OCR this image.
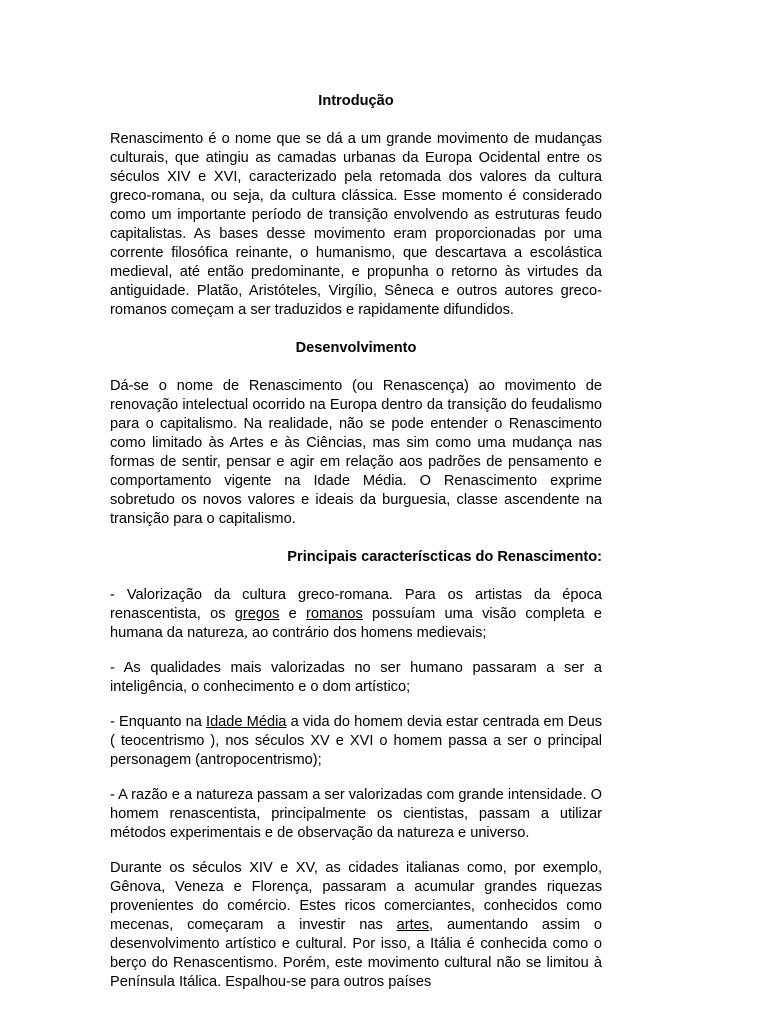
Introdução

Renascimento é o nome que se dá a um grande movimento de mudanças culturais, que atingiu as camadas urbanas da Europa Ocidental entre os séculos XIV e XVI, caracterizado pela retomada dos valores da cultura greco-romana, ou seja, da cultura clássica. Esse momento é considerado como um importante período de transição envolvendo as estruturas feudo capitalistas. As bases desse movimento eram proporcionadas por uma corrente filosófica reinante, o humanismo, que descartava a escolástica medieval, até então predominante, e propunha o retorno às virtudes da antiguidade. Platão, Aristóteles, Virgílio, Sêneca e outros autores greco-romanos começam a ser traduzidos e rapidamente difundidos.

Desenvolvimento

Dá-se o nome de Renascimento (ou Renascença) ao movimento de renovação intelectual ocorrido na Europa dentro da transição do feudalismo para o capitalismo. Na realidade, não se pode entender o Renascimento como limitado às Artes e às Ciências, mas sim como uma mudança nas formas de sentir, pensar e agir em relação aos padrões de pensamento e comportamento vigente na Idade Média. O Renascimento exprime sobretudo os novos valores e ideais da burguesia, classe ascendente na transição para o capitalismo.

Principais caracteríscticas do Renascimento:

- Valorização da cultura greco-romana. Para os artistas da época renascentista, os gregos e romanos possuíam uma visão completa e humana da natureza, ao contrário dos homens medievais;

- As qualidades mais valorizadas no ser humano passaram a ser a inteligência, o conhecimento e o dom artístico;

- Enquanto na Idade Média a vida do homem devia estar centrada em Deus ( teocentrismo ), nos séculos XV e XVI o homem passa a ser o principal personagem (antropocentrismo);

- A razão e a natureza passam a ser valorizadas com grande intensidade. O homem renascentista, principalmente os cientistas, passam a utilizar métodos experimentais e de observação da natureza e universo.

Durante os séculos XIV e XV, as cidades italianas como, por exemplo, Gênova, Veneza e Florença, passaram a acumular grandes riquezas provenientes do comércio. Estes ricos comerciantes, conhecidos como mecenas, começaram a investir nas artes, aumentando assim o desenvolvimento artístico e cultural. Por isso, a Itália é conhecida como o berço do Renascentismo. Porém, este movimento cultural não se limitou à Península Itálica. Espalhou-se para outros países
